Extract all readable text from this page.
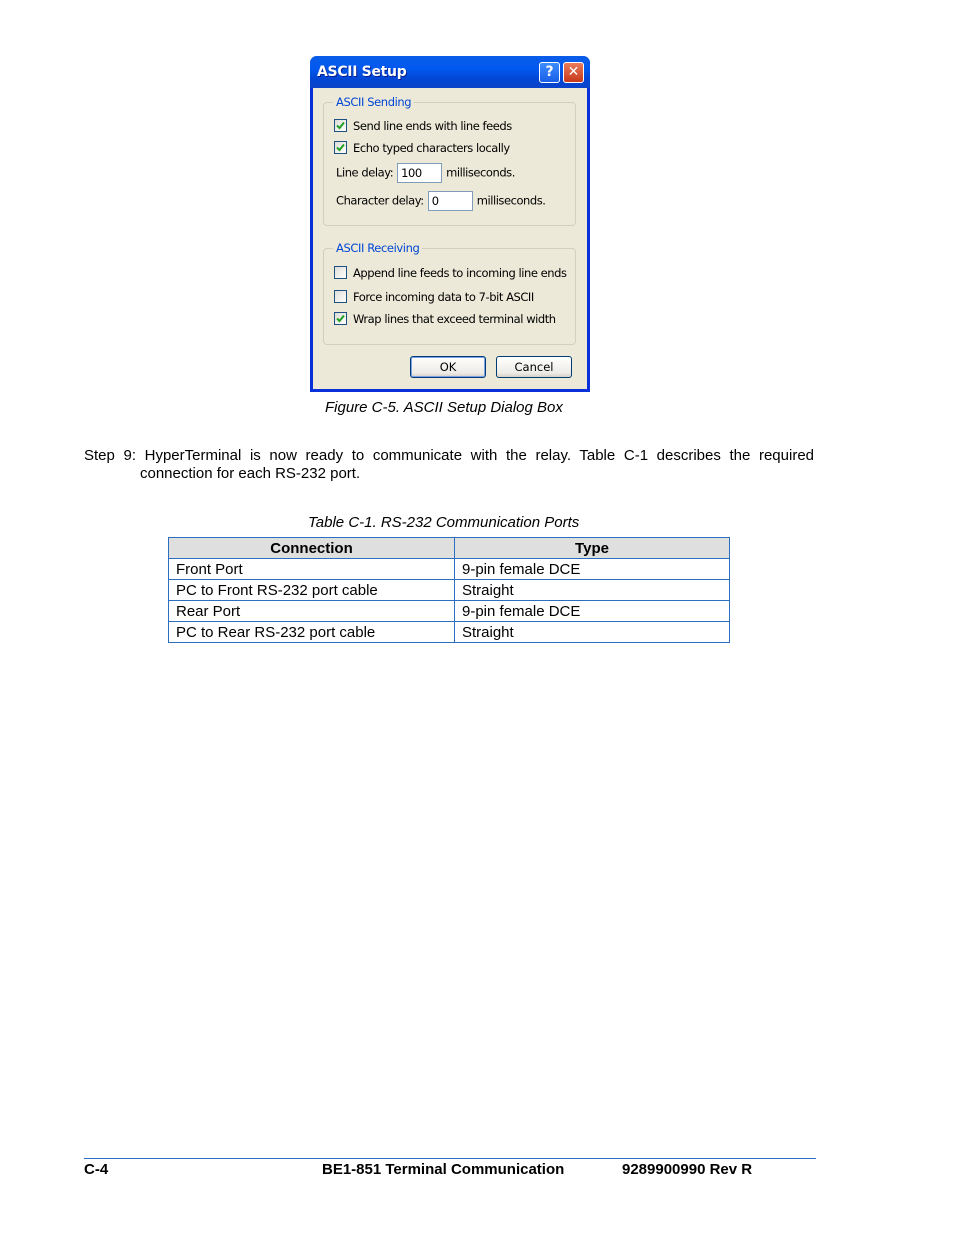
ASCII Setup	?	✕
ASCII Sending
Send line ends with line feeds
Echo typed characters locally
Line delay: 100 milliseconds.
Character delay: 0	milliseconds.
ASCII Receiving
Append line feeds to incoming line ends
Force incoming data to 7-bit ASCII
Wrap lines that exceed terminal width
OK	Cancel
Figure C-5. ASCII Setup Dialog Box
Step 9: HyperTerminal is now ready to communicate with the relay. Table C-1 describes the required
connection for each RS-232 port.
Table C-1. RS-232 Communication Ports
Connection	Type
Front Port	9-pin female DCE
PC to Front RS-232 port cable	Straight
Rear Port	9-pin female DCE
PC to Rear RS-232 port cable	Straight
C-4	BE1-851 Terminal Communication	9289900990 Rev R
